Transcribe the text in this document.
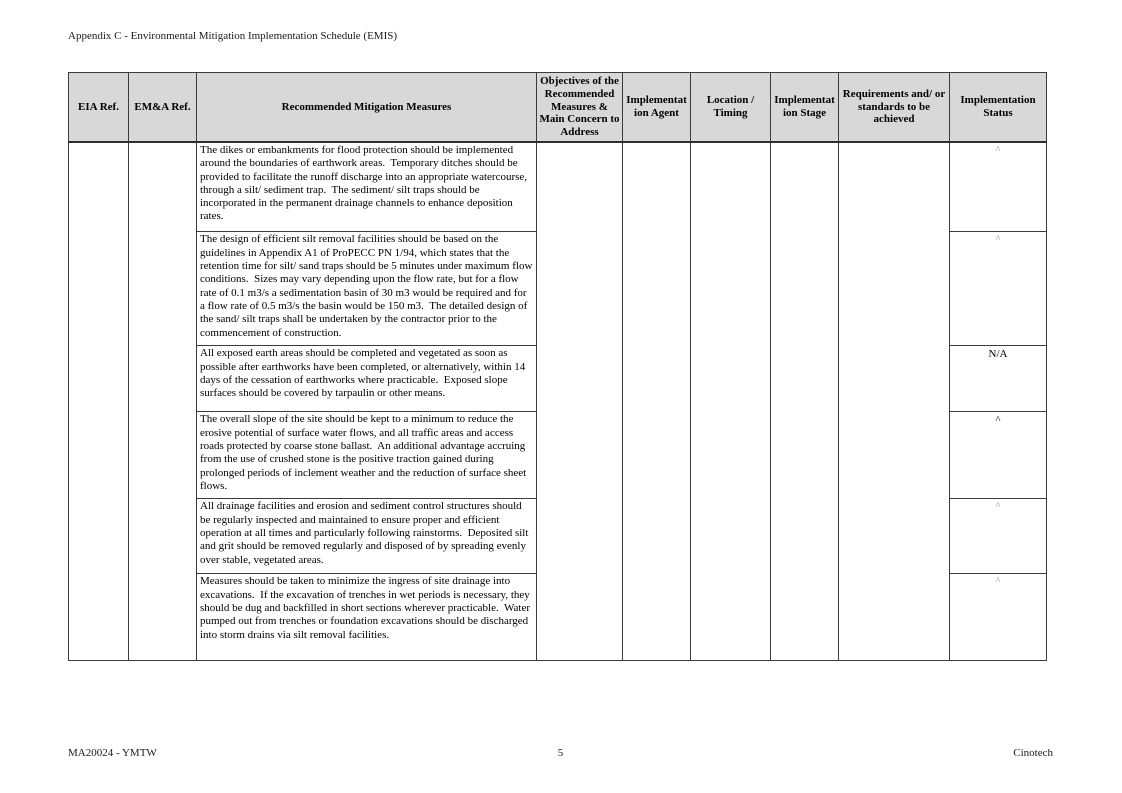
Appendix C - Environmental Mitigation Implementation Schedule (EMIS)
EIA Ref.	EM&A Ref.	Recommended Mitigation Measures	Objectives of the Recommended Measures & Main Concern to Address	Implementation Agent	Location / Timing	Implementation Stage	Requirements and/ or standards to be achieved	Implementation Status
		The dikes or embankments for flood protection should be implemented around the boundaries of earthwork areas.  Temporary ditches should be provided to facilitate the runoff discharge into an appropriate watercourse, through a silt/ sediment trap.  The sediment/ silt traps should be incorporated in the permanent drainage channels to enhance deposition rates.						^
		The design of efficient silt removal facilities should be based on the guidelines in Appendix A1 of ProPECC PN 1/94, which states that the retention time for silt/ sand traps should be 5 minutes under maximum flow conditions.  Sizes may vary depending upon the flow rate, but for a flow rate of 0.1 m3/s a sedimentation basin of 30 m3 would be required and for a flow rate of 0.5 m3/s the basin would be 150 m3.  The detailed design of the sand/ silt traps shall be undertaken by the contractor prior to the commencement of construction.						^
		All exposed earth areas should be completed and vegetated as soon as possible after earthworks have been completed, or alternatively, within 14 days of the cessation of earthworks where practicable.  Exposed slope surfaces should be covered by tarpaulin or other means.						N/A
		The overall slope of the site should be kept to a minimum to reduce the erosive potential of surface water flows, and all traffic areas and access roads protected by coarse stone ballast.  An additional advantage accruing from the use of crushed stone is the positive traction gained during prolonged periods of inclement weather and the reduction of surface sheet flows.						^
		All drainage facilities and erosion and sediment control structures should be regularly inspected and maintained to ensure proper and efficient operation at all times and particularly following rainstorms.  Deposited silt and grit should be removed regularly and disposed of by spreading evenly over stable, vegetated areas.						^
		Measures should be taken to minimize the ingress of site drainage into excavations.  If the excavation of trenches in wet periods is necessary, they should be dug and backfilled in short sections wherever practicable.  Water pumped out from trenches or foundation excavations should be discharged into storm drains via silt removal facilities.						^
5
MA20024 - YMTW	Cinotech
